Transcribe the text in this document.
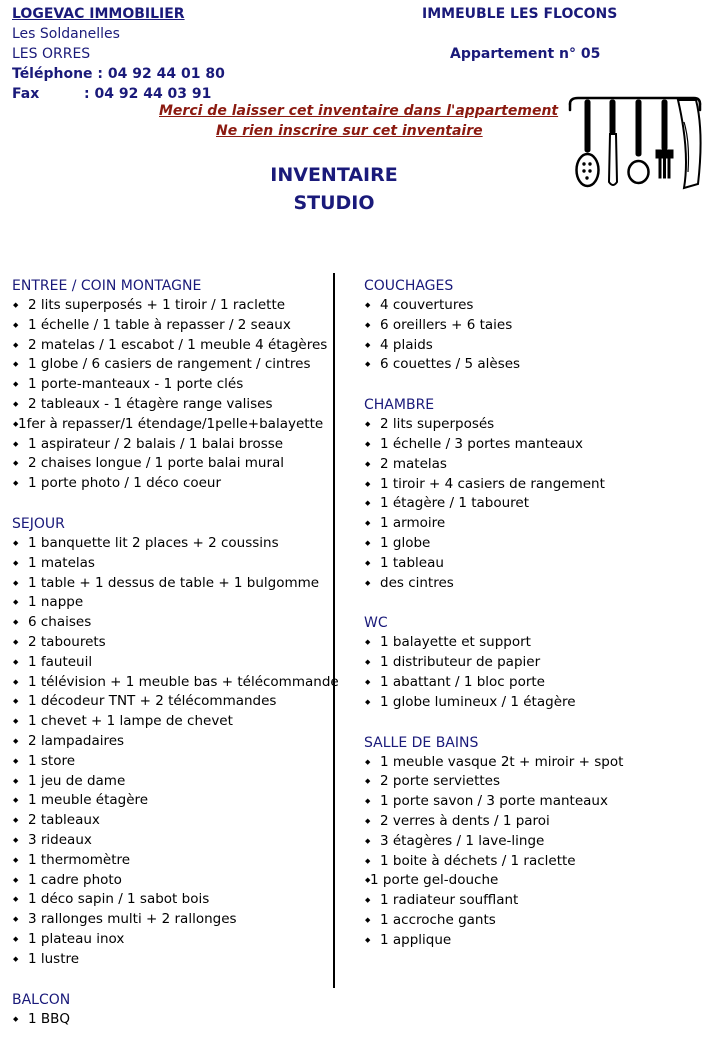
LOGEVAC IMMOBILIER
Les Soldanelles
LES ORRES
Téléphone : 04 92 44 01 80
Fax	: 04 92 44 03 91
IMMEUBLE LES FLOCONS
Appartement n° 05
Merci de laisser cet inventaire dans l'appartement
Ne rien inscrire sur cet inventaire
INVENTAIRE
STUDIO
ENTREE / COIN MONTAGNE
◆ 2 lits superposés + 1 tiroir / 1 raclette
◆ 1 échelle / 1 table à repasser / 2 seaux
◆ 2 matelas / 1 escabot / 1 meuble 4 étagères
◆ 1 globe / 6 casiers de rangement / cintres
◆ 1 porte-manteaux - 1 porte clés
◆ 2 tableaux - 1 étagère range valises
◆ 1fer à repasser/1 étendage/1pelle+balayette
◆ 1 aspirateur / 2 balais / 1 balai brosse
◆ 2 chaises longue / 1 porte balai mural
◆ 1 porte photo / 1 déco coeur
SEJOUR
◆ 1 banquette lit 2 places + 2 coussins
◆ 1 matelas
◆ 1 table + 1 dessus de table + 1 bulgomme
◆ 1 nappe
◆ 6 chaises
◆ 2 tabourets
◆ 1 fauteuil
◆ 1 télévision + 1 meuble bas + télécommande
◆ 1 décodeur TNT + 2 télécommandes
◆ 1 chevet + 1 lampe de chevet
◆ 2 lampadaires
◆ 1 store
◆ 1 jeu de dame
◆ 1 meuble étagère
◆ 2 tableaux
◆ 3 rideaux
◆ 1 thermomètre
◆ 1 cadre photo
◆ 1 déco sapin / 1 sabot bois
◆ 3 rallonges multi + 2 rallonges
◆ 1 plateau inox
◆ 1 lustre
BALCON
◆ 1 BBQ
COUCHAGES
◆ 4 couvertures
◆ 6 oreillers + 6 taies
◆ 4 plaids
◆ 6 couettes / 5 alèses
CHAMBRE
◆ 2 lits superposés
◆ 1 échelle / 3 portes manteaux
◆ 2 matelas
◆ 1 tiroir + 4 casiers de rangement
◆ 1 étagère / 1 tabouret
◆ 1 armoire
◆ 1 globe
◆ 1 tableau
◆ des cintres
WC
◆ 1 balayette et support
◆ 1 distributeur de papier
◆ 1 abattant / 1 bloc porte
◆ 1 globe lumineux / 1 étagère
SALLE DE BAINS
◆ 1 meuble vasque 2t + miroir + spot
◆ 2 porte serviettes
◆ 1 porte savon / 3 porte manteaux
◆ 2 verres à dents / 1 paroi
◆ 3 étagères / 1 lave-linge
◆ 1 boite à déchets / 1 raclette
◆ 1 porte gel-douche
◆ 1 radiateur soufflant
◆ 1 accroche gants
◆ 1 applique
